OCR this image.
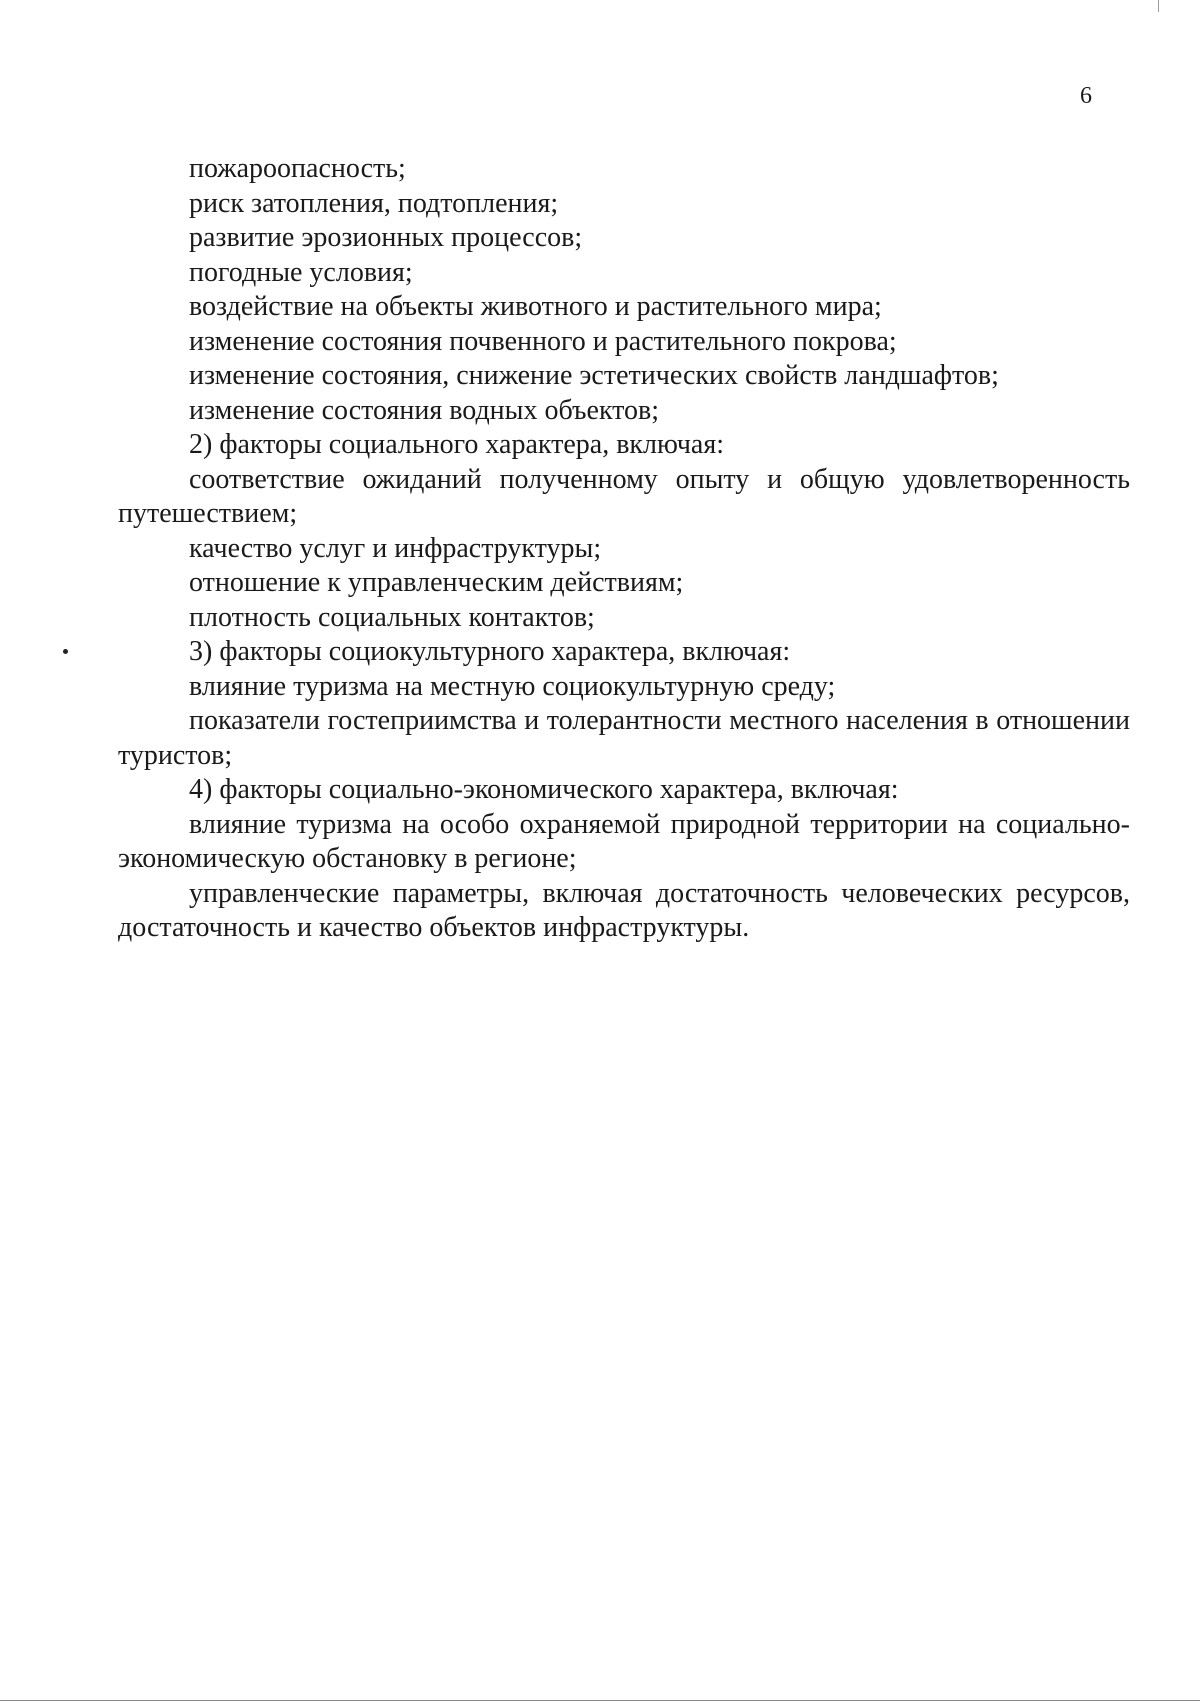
6

пожароопасность;

риск затопления, подтопления;

развитие эрозионных процессов;

погодные условия;

воздействие на объекты животного и растительного мира;

изменение состояния почвенного и растительного покрова;

изменение состояния, снижение эстетических свойств ландшафтов;

изменение состояния водных объектов;

2) факторы социального характера, включая:

соответствие ожиданий полученному опыту и общую удовлетворенность путешествием;

качество услуг и инфраструктуры;

отношение к управленческим действиям;

плотность социальных контактов;

3) факторы социокультурного характера, включая:

влияние туризма на местную социокультурную среду;

показатели гостеприимства и толерантности местного населения в отношении туристов;

4) факторы социально-экономического характера, включая:

влияние туризма на особо охраняемой природной территории на социально-экономическую обстановку в регионе;

управленческие параметры, включая достаточность человеческих ресурсов, достаточность и качество объектов инфраструктуры.
